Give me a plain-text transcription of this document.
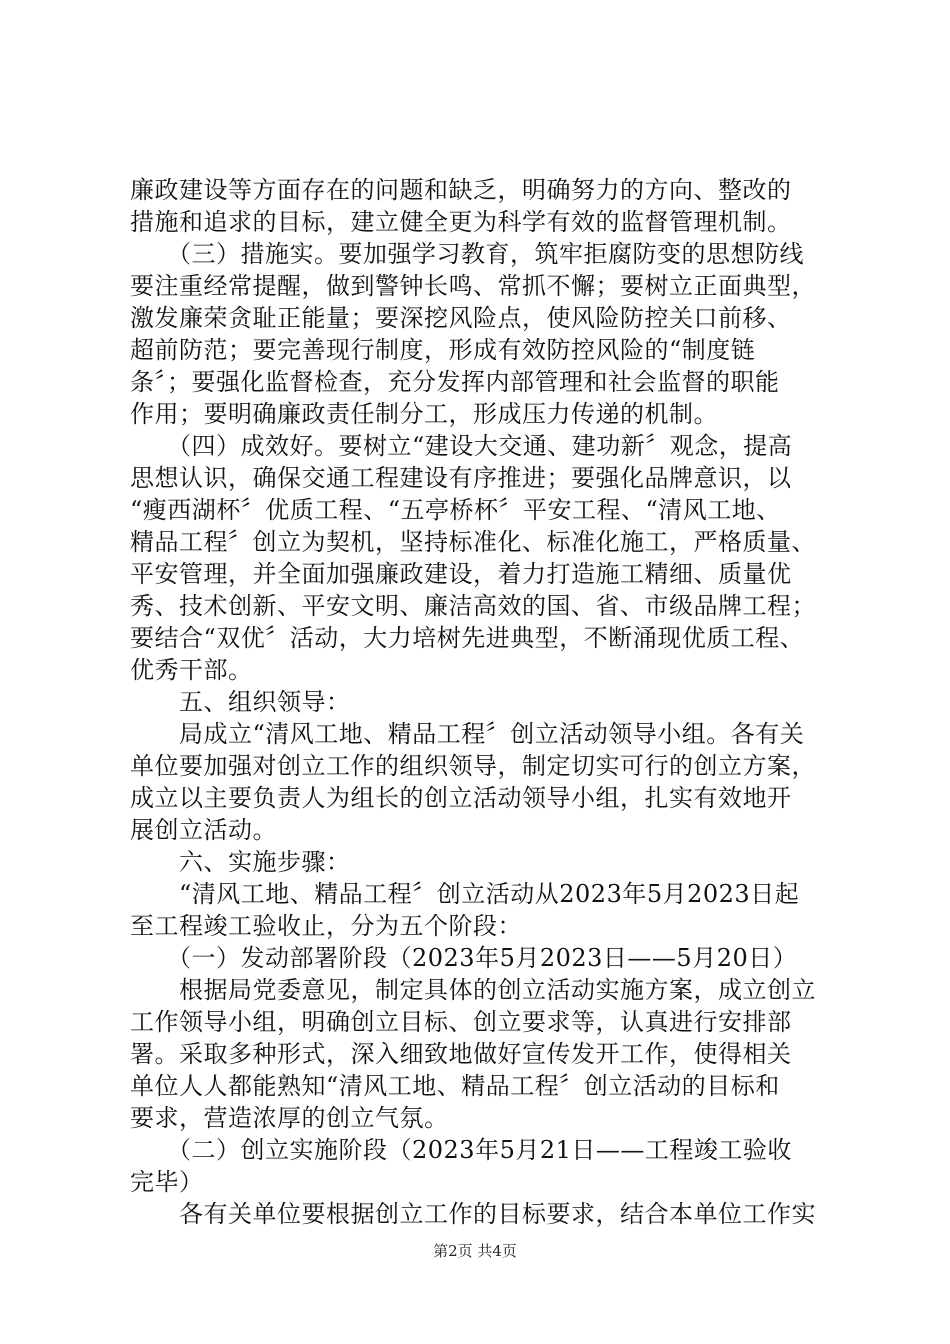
廉政建设等方面存在的问题和缺乏，明确努力的方向、整改的
措施和追求的目标，建立健全更为科学有效的监督管理机制。
　　（三）措施实。要加强学习教育，筑牢拒腐防变的思想防线
要注重经常提醒，做到警钟长鸣、常抓不懈；要树立正面典型，
激发廉荣贪耻正能量；要深挖风险点，使风险防控关口前移、
超前防范；要完善现行制度，形成有效防控风险的“制度链
条〞；要强化监督检查，充分发挥内部管理和社会监督的职能
作用；要明确廉政责任制分工，形成压力传递的机制。
　　（四）成效好。要树立“建设大交通、建功新〞观念，提高
思想认识，确保交通工程建设有序推进；要强化品牌意识，以
“瘦西湖杯〞优质工程、“五亭桥杯〞平安工程、“清风工地、
精品工程〞创立为契机，坚持标准化、标准化施工，严格质量、
平安管理，并全面加强廉政建设，着力打造施工精细、质量优
秀、技术创新、平安文明、廉洁高效的国、省、市级品牌工程；
要结合“双优〞活动，大力培树先进典型，不断涌现优质工程、
优秀干部。
　　五、组织领导：
　　局成立“清风工地、精品工程〞创立活动领导小组。各有关
单位要加强对创立工作的组织领导，制定切实可行的创立方案，
成立以主要负责人为组长的创立活动领导小组，扎实有效地开
展创立活动。
　　六、实施步骤：
　　“清风工地、精品工程〞创立活动从2023年5月2023日起
至工程竣工验收止，分为五个阶段：
　　（一）发动部署阶段（2023年5月2023日——5月20日）
　　根据局党委意见，制定具体的创立活动实施方案，成立创立
工作领导小组，明确创立目标、创立要求等，认真进行安排部
署。采取多种形式，深入细致地做好宣传发开工作，使得相关
单位人人都能熟知“清风工地、精品工程〞创立活动的目标和
要求，营造浓厚的创立气氛。
　　（二）创立实施阶段（2023年5月21日——工程竣工验收
完毕）
　　各有关单位要根据创立工作的目标要求，结合本单位工作实
第2页 共4页
